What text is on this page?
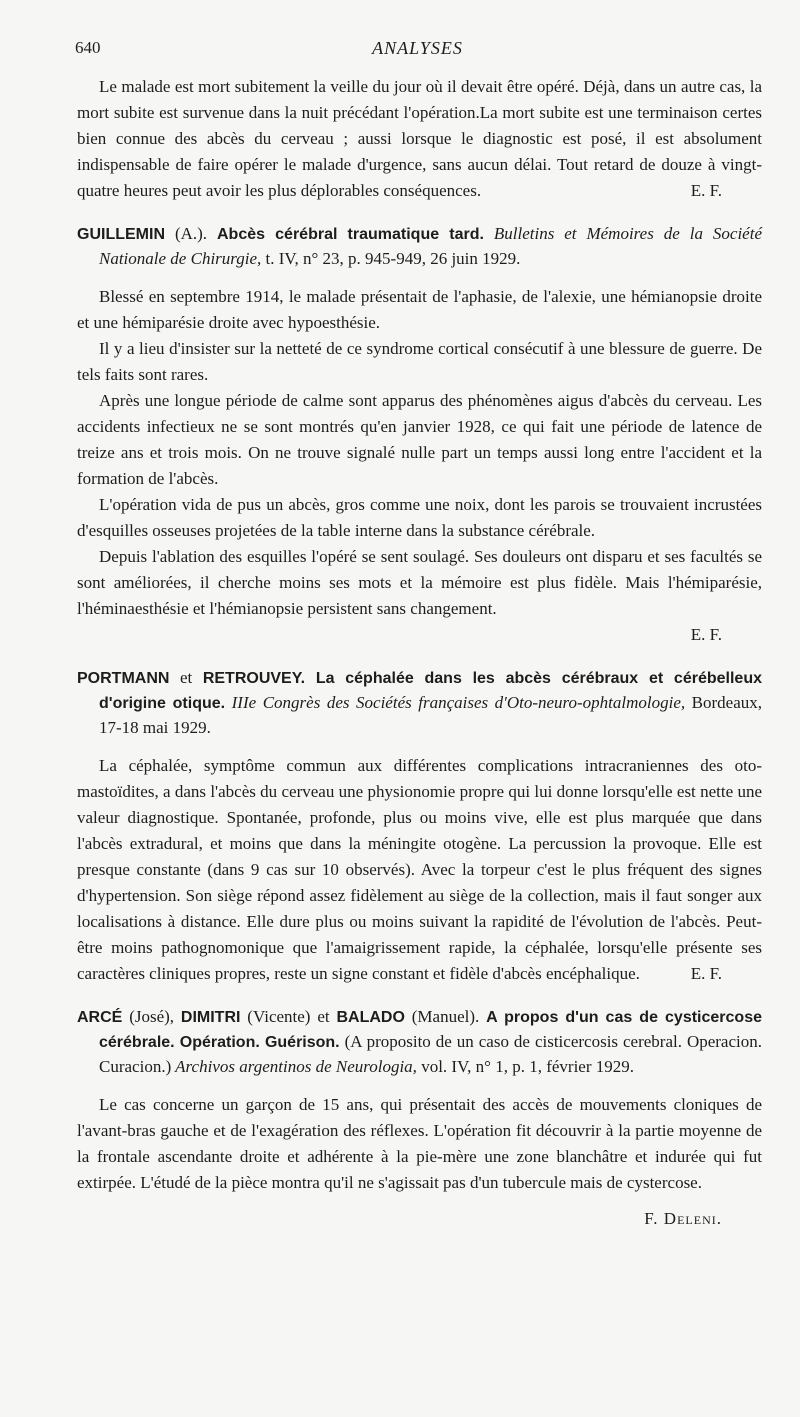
640	ANALYSES

Le malade est mort subitement la veille du jour où il devait être opéré. Déjà, dans un autre cas, la mort subite est survenue dans la nuit précédant l'opération.La mort subite est une terminaison certes bien connue des abcès du cerveau ; aussi lorsque le diagnostic est posé, il est absolument indispensable de faire opérer le malade d'urgence, sans aucun délai. Tout retard de douze à vingt-quatre heures peut avoir les plus déplorables conséquences.	E. F.
GUILLEMIN (A.). Abcès cérébral traumatique tard. Bulletins et Mémoires de la Société Nationale de Chirurgie, t. IV, n° 23, p. 945-949, 26 juin 1929.

Blessé en septembre 1914, le malade présentait de l'aphasie, de l'alexie, une hémianopsie droite et une hémiparésie droite avec hypoesthésie.

Il y a lieu d'insister sur la netteté de ce syndrome cortical consécutif à une blessure de guerre. De tels faits sont rares.

Après une longue période de calme sont apparus des phénomènes aigus d'abcès du cerveau. Les accidents infectieux ne se sont montrés qu'en janvier 1928, ce qui fait une période de latence de treize ans et trois mois. On ne trouve signalé nulle part un temps aussi long entre l'accident et la formation de l'abcès.

L'opération vida de pus un abcès, gros comme une noix, dont les parois se trouvaient incrustées d'esquilles osseuses projetées de la table interne dans la substance cérébrale.

Depuis l'ablation des esquilles l'opéré se sent soulagé. Ses douleurs ont disparu et ses facultés se sont améliorées, il cherche moins ses mots et la mémoire est plus fidèle. Mais l'hémiparésie, l'héminaesthésie et l'hémianopsie persistent sans changement.

E. F.
PORTMANN et RETROUVEY. La céphalée dans les abcès cérébraux et cérébelleux d'origine otique. IIIe Congrès des Sociétés françaises d'Oto-neuro-ophtalmologie, Bordeaux, 17-18 mai 1929.

La céphalée, symptôme commun aux différentes complications intracraniennes des oto-mastoïdites, a dans l'abcès du cerveau une physionomie propre qui lui donne lorsqu'elle est nette une valeur diagnostique. Spontanée, profonde, plus ou moins vive, elle est plus marquée que dans l'abcès extradural, et moins que dans la méningite otogène. La percussion la provoque. Elle est presque constante (dans 9 cas sur 10 observés). Avec la torpeur c'est le plus fréquent des signes d'hypertension. Son siège répond assez fidèlement au siège de la collection, mais il faut songer aux localisations à distance. Elle dure plus ou moins suivant la rapidité de l'évolution de l'abcès. Peut-être moins pathognomonique que l'amaigrissement rapide, la céphalée, lorsqu'elle présente ses caractères cliniques propres, reste un signe constant et fidèle d'abcès encéphalique.	E. F.
ARCÉ (José), DIMITRI (Vicente) et BALADO (Manuel). A propos d'un cas de cysticercose cérébrale. Opération. Guérison. (A proposito de un caso de cisticercosis cerebral. Operacion. Curacion.) Archivos argentinos de Neurologia, vol. IV, n° 1, p. 1, février 1929.

Le cas concerne un garçon de 15 ans, qui présentait des accès de mouvements cloniques de l'avant-bras gauche et de l'exagération des réflexes. L'opération fit découvrir à la partie moyenne de la frontale ascendante droite et adhérente à la pie-mère une zone blanchâtre et indurée qui fut extirpée. L'étudé de la pièce montra qu'il ne s'agissait pas d'un tubercule mais de cystercose.

F. Deleni.
